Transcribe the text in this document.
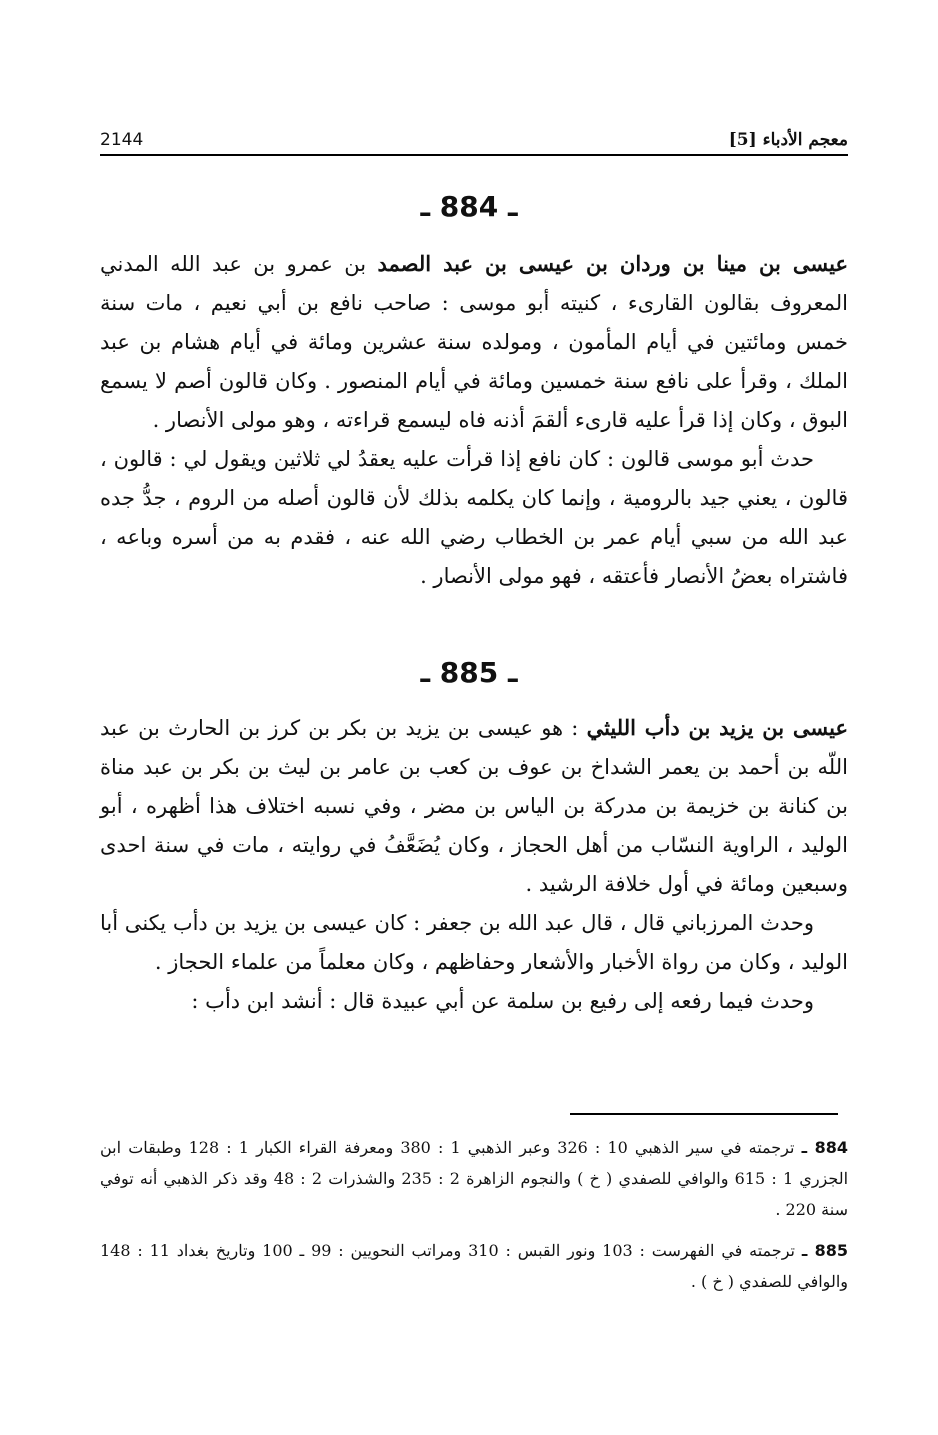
معجم الأدباء [5]
2144
ـ 884 ـ

عيسى بن مينا بن وردان بن عيسى بن عبد الصمد بن عمرو بن عبد الله المدني المعروف بقالون القارىء ، كنيته أبو موسى : صاحب نافع بن أبي نعيم ، مات سنة خمس ومائتين في أيام المأمون ، ومولده سنة عشرين ومائة في أيام هشام بن عبد الملك ، وقرأ على نافع سنة خمسين ومائة في أيام المنصور . وكان قالون أصم لا يسمع البوق ، وكان إذا قرأ عليه قارىء ألقمَ أذنه فاه ليسمع قراءته ، وهو مولى الأنصار .

حدث أبو موسى قالون : كان نافع إذا قرأت عليه يعقدُ لي ثلاثين ويقول لي : قالون ، قالون ، يعني جيد بالرومية ، وإنما كان يكلمه بذلك لأن قالون أصله من الروم ، جدُّ جده عبد الله من سبي أيام عمر بن الخطاب رضي الله عنه ، فقدم به من أسره وباعه ، فاشتراه بعضُ الأنصار فأعتقه ، فهو مولى الأنصار .

ـ 885 ـ

عيسى بن يزيد بن دأب الليثي : هو عيسى بن يزيد بن بكر بن كرز بن الحارث بن عبد اللّه بن أحمد بن يعمر الشداخ بن عوف بن كعب بن عامر بن ليث بن بكر بن عبد مناة بن كنانة بن خزيمة بن مدركة بن الياس بن مضر ، وفي نسبه اختلاف هذا أظهره ، أبو الوليد ، الراوية النسّاب من أهل الحجاز ، وكان يُضَعَّفُ في روايته ، مات في سنة احدى وسبعين ومائة في أول خلافة الرشيد .

وحدث المرزباني قال ، قال عبد الله بن جعفر : كان عيسى بن يزيد بن دأب يكنى أبا الوليد ، وكان من رواة الأخبار والأشعار وحفاظهم ، وكان معلماً من علماء الحجاز .

وحدث فيما رفعه إلى رفيع بن سلمة عن أبي عبيدة قال : أنشد ابن دأب :

884 ـ ترجمته في سير الذهبي 10 : 326 وعبر الذهبي 1 : 380 ومعرفة القراء الكبار 1 : 128 وطبقات ابن الجزري 1 : 615 والوافي للصفدي ( خ ) والنجوم الزاهرة 2 : 235 والشذرات 2 : 48 وقد ذكر الذهبي أنه توفي سنة 220 .

885 ـ ترجمته في الفهرست : 103 ونور القبس : 310 ومراتب النحويين : 99 ـ 100 وتاريخ بغداد 11 : 148 والوافي للصفدي ( خ ) .
